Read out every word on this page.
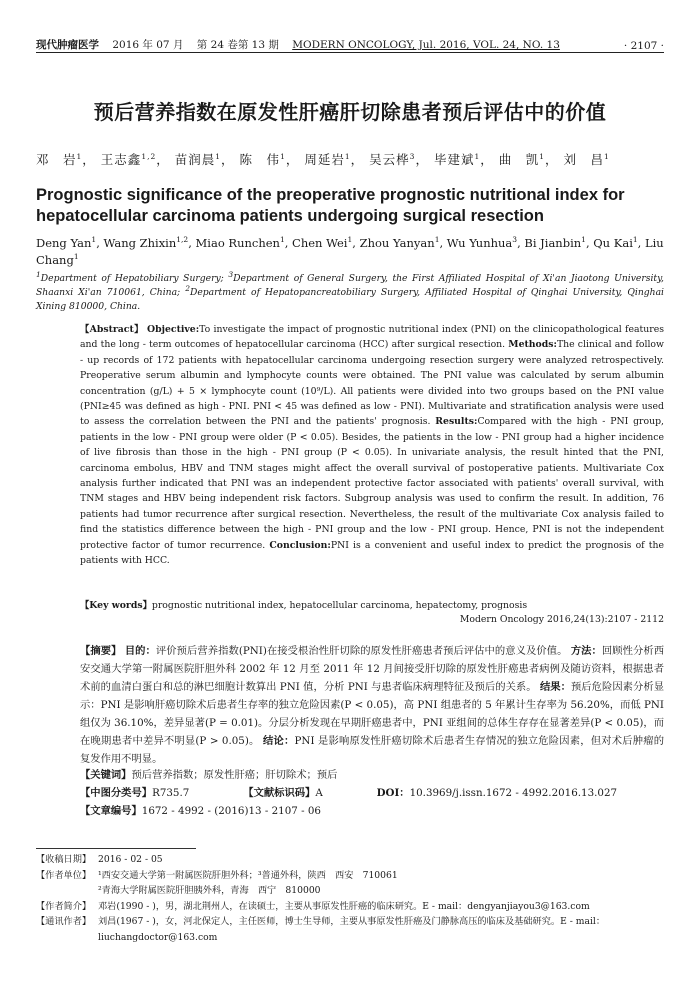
现代肿瘤医学 2016 年 07 月 第 24 卷第 13 期 MODERN ONCOLOGY, Jul. 2016, VOL. 24, NO. 13	· 2107 ·
预后营养指数在原发性肝癌肝切除患者预后评估中的价值
邓　岩$^1$， 王志鑫$^{1,2}$， 苗润晨$^1$， 陈　伟$^1$， 周延岩$^1$， 吴云桦$^3$， 毕建斌$^1$， 曲　凯$^1$， 刘　昌$^1$
Prognostic significance of the preoperative prognostic nutritional index for hepatocellular carcinoma patients undergoing surgical resection
Deng Yan$^1$, Wang Zhixin$^{1,2}$, Miao Runchen$^1$, Chen Wei$^1$, Zhou Yanyan$^1$, Wu Yunhua$^3$, Bi Jianbin$^1$, Qu Kai$^1$, Liu Chang$^1$
$^1$Department of Hepatobiliary Surgery; $^3$Department of General Surgery, the First Affiliated Hospital of Xi'an Jiaotong University, Shaanxi Xi'an 710061, China; $^2$Department of Hepatopancreatobiliary Surgery, Affiliated Hospital of Qinghai University, Qinghai Xining 810000, China.
【Abstract】 Objective:To investigate the impact of prognostic nutritional index (PNI) on the clinicopathological features and the long - term outcomes of hepatocellular carcinoma (HCC) after surgical resection. Methods:The clinical and follow - up records of 172 patients with hepatocellular carcinoma undergoing resection surgery were analyzed retrospectively. Preoperative serum albumin and lymphocyte counts were obtained. The PNI value was calculated by serum albumin concentration (g/L) + 5 × lymphocyte count (10⁹/L). All patients were divided into two groups based on the PNI value (PNI≥45 was defined as high - PNI. PNI < 45 was defined as low - PNI). Multivariate and stratification analysis were used to assess the correlation between the PNI and the patients' prognosis. Results:Compared with the high - PNI group, patients in the low - PNI group were older (P < 0.05). Besides, the patients in the low - PNI group had a higher incidence of live fibrosis than those in the high - PNI group (P < 0.05). In univariate analysis, the result hinted that the PNI, carcinoma embolus, HBV and TNM stages might affect the overall survival of postoperative patients. Multivariate Cox analysis further indicated that PNI was an independent protective factor associated with patients' overall survival, with TNM stages and HBV being independent risk factors. Subgroup analysis was used to confirm the result. In addition, 76 patients had tumor recurrence after surgical resection. Nevertheless, the result of the multivariate Cox analysis failed to find the statistics difference between the high - PNI group and the low - PNI group. Hence, PNI is not the independent protective factor of tumor recurrence. Conclusion:PNI is a convenient and useful index to predict the prognosis of the patients with HCC.
【Key words】prognostic nutritional index, hepatocellular carcinoma, hepatectomy, prognosis
Modern Oncology 2016,24(13):2107 - 2112
【摘要】 目的：评价预后营养指数(PNI)在接受根治性肝切除的原发性肝癌患者预后评估中的意义及价值。 方法：回顾性分析西安交通大学第一附属医院肝胆外科 2002 年 12 月至 2011 年 12 月间接受肝切除的原发性肝癌患者病例及随访资料，根据患者术前的血清白蛋白和总的淋巴细胞计数算出 PNI 值，分析 PNI 与患者临床病理特征及预后的关系。 结果：预后危险因素分析显示：PNI 是影响肝癌切除术后患者生存率的独立危险因素(P < 0.05)，高 PNI 组患者的 5 年累计生存率为 56.20%，而低 PNI 组仅为 36.10%，差异显著(P = 0.01)。分层分析发现在早期肝癌患者中，PNI 亚组间的总体生存存在显著差异(P < 0.05)，而在晚期患者中差异不明显(P > 0.05)。 结论：PNI 是影响原发性肝癌切除术后患者生存情况的独立危险因素，但对术后肿瘤的复发作用不明显。
【关键词】预后营养指数；原发性肝癌；肝切除术；预后
【中图分类号】R735.7	【文献标识码】A	DOI：10.3969/j.issn.1672 - 4992.2016.13.027
【文章编号】1672 - 4992 - (2016)13 - 2107 - 06
【收稿日期】 2016 - 02 - 05
【作者单位】 ¹西安交通大学第一附属医院肝胆外科；³普通外科，陕西　西安　710061
²青海大学附属医院肝胆胰外科，青海　西宁　810000
【作者简介】 邓岩(1990 - )，男，湖北荆州人，在读硕士，主要从事原发性肝癌的临床研究。E - mail：dengyanjiayou3@163.com
【通讯作者】 刘昌(1967 - )，女，河北保定人，主任医师，博士生导师，主要从事原发性肝癌及门静脉高压的临床及基础研究。E - mail：liuchangdoctor@163.com
